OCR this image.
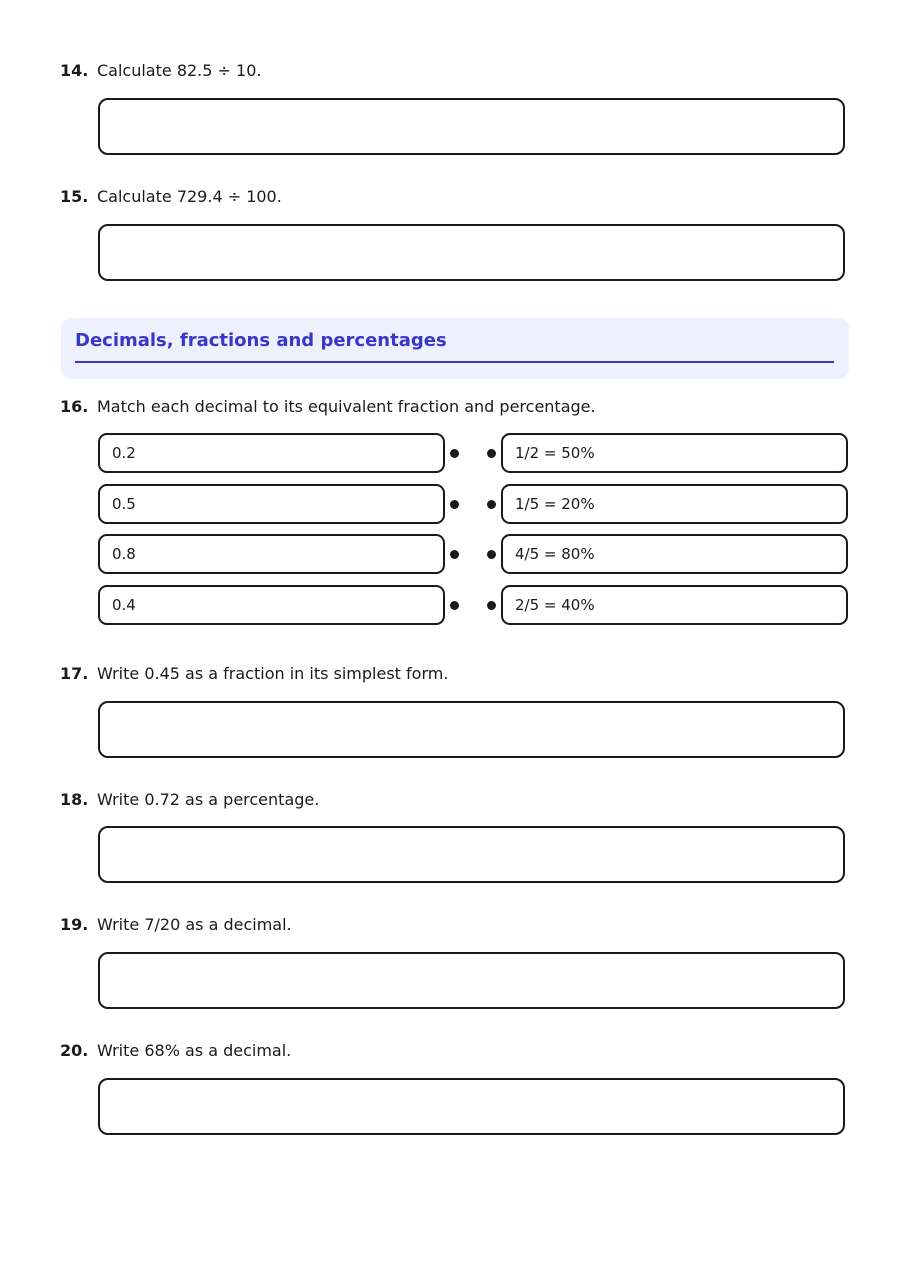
14. Calculate 82.5 ÷ 10.
15. Calculate 729.4 ÷ 100.
Decimals, fractions and percentages
16. Match each decimal to its equivalent fraction and percentage.
0.2	1/2 = 50%
0.5	1/5 = 20%
0.8	4/5 = 80%
0.4	2/5 = 40%
17. Write 0.45 as a fraction in its simplest form.
18. Write 0.72 as a percentage.
19. Write 7/20 as a decimal.
20. Write 68% as a decimal.
